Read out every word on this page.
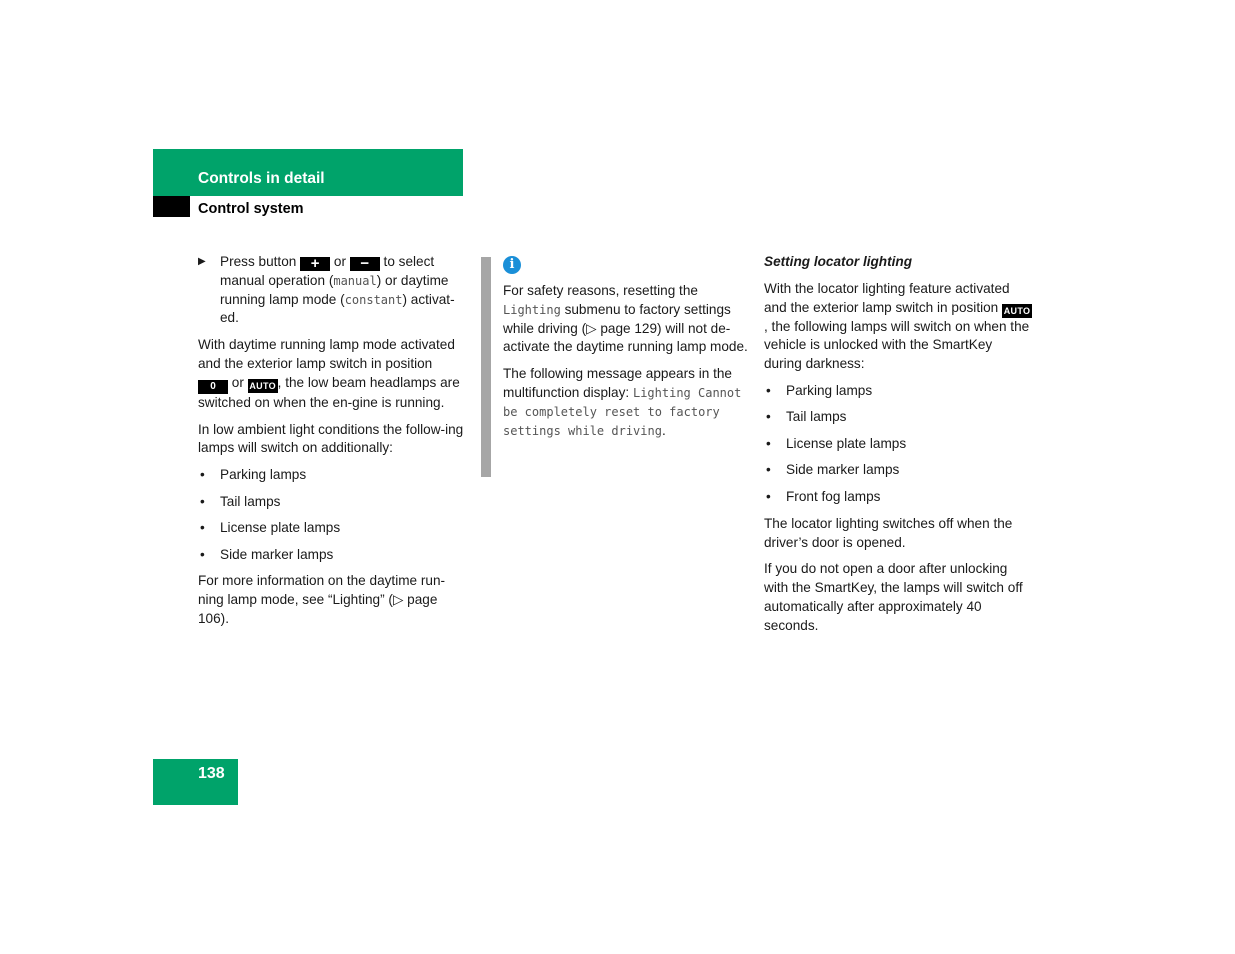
Controls in detail
Control system
▶ Press button + or − to select manual operation (manual) or daytime running lamp mode (constant) activat-ed.

With daytime running lamp mode activated and the exterior lamp switch in position 0 or AUTO , the low beam headlamps are switched on when the en-gine is running.

In low ambient light conditions the follow-ing lamps will switch on additionally:

• Parking lamps
• Tail lamps
• License plate lamps
• Side marker lamps

For more information on the daytime run-ning lamp mode, see “Lighting” (▷ page 106).

i

For safety reasons, resetting the Lighting submenu to factory settings while driving (▷ page 129) will not de-activate the daytime running lamp mode.

The following message appears in the multifunction display: Lighting Cannot be completely reset to factory settings while driving.

Setting locator lighting

With the locator lighting feature activated and the exterior lamp switch in position AUTO, the following lamps will switch on when the vehicle is unlocked with the SmartKey during darkness:

• Parking lamps
• Tail lamps
• License plate lamps
• Side marker lamps
• Front fog lamps

The locator lighting switches off when the driver’s door is opened.

If you do not open a door after unlocking with the SmartKey, the lamps will switch off automatically after approximately 40 seconds.

138
